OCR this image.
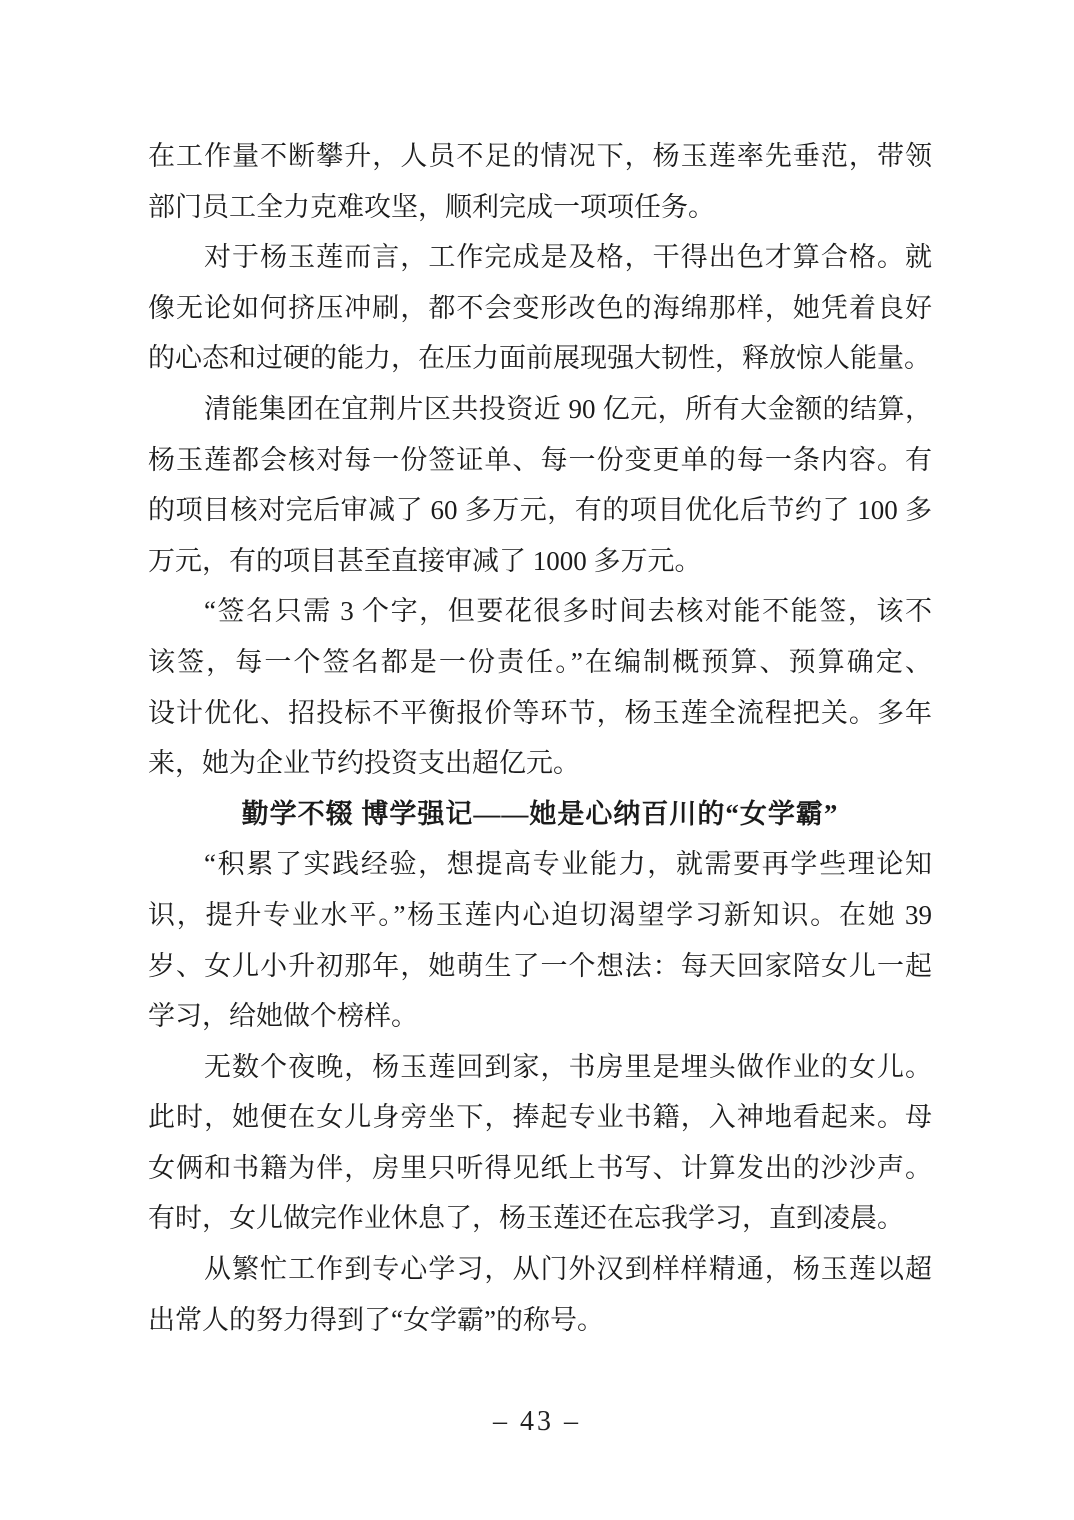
在工作量不断攀升，人员不足的情况下，杨玉莲率先垂范，带领
部门员工全力克难攻坚，顺利完成一项项任务。
对于杨玉莲而言，工作完成是及格，干得出色才算合格。就
像无论如何挤压冲刷，都不会变形改色的海绵那样，她凭着良好
的心态和过硬的能力，在压力面前展现强大韧性，释放惊人能量。
清能集团在宜荆片区共投资近 90 亿元，所有大金额的结算，
杨玉莲都会核对每一份签证单、每一份变更单的每一条内容。有
的项目核对完后审减了 60 多万元，有的项目优化后节约了 100 多
万元，有的项目甚至直接审减了 1000 多万元。
“签名只需 3 个字，但要花很多时间去核对能不能签，该不
该签，每一个签名都是一份责任。”在编制概预算、预算确定、
设计优化、招投标不平衡报价等环节，杨玉莲全流程把关。多年
来，她为企业节约投资支出超亿元。
勤学不辍 博学强记——她是心纳百川的“女学霸”
“积累了实践经验，想提高专业能力，就需要再学些理论知
识，提升专业水平。”杨玉莲内心迫切渴望学习新知识。在她 39
岁、女儿小升初那年，她萌生了一个想法：每天回家陪女儿一起
学习，给她做个榜样。
无数个夜晚，杨玉莲回到家，书房里是埋头做作业的女儿。
此时，她便在女儿身旁坐下，捧起专业书籍，入神地看起来。母
女俩和书籍为伴，房里只听得见纸上书写、计算发出的沙沙声。
有时，女儿做完作业休息了，杨玉莲还在忘我学习，直到凌晨。
从繁忙工作到专心学习，从门外汉到样样精通，杨玉莲以超
出常人的努力得到了“女学霸”的称号。
– 43 –
